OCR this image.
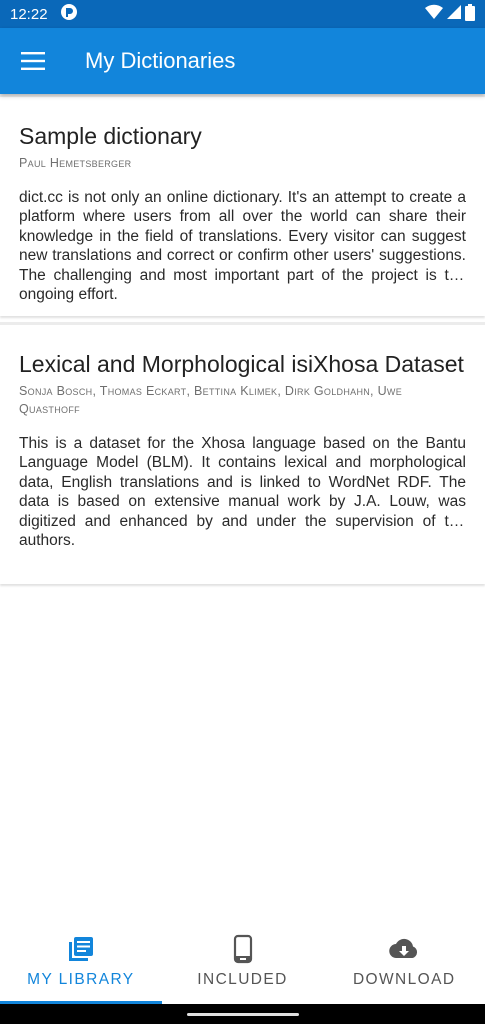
12:22
My Dictionaries
Sample dictionary
Paul Hemetsberger
dict.cc is not only an online dictionary. It's an attempt to create a platform where users from all over the world can share their knowledge in the field of translations. Every visitor can suggest new translations and correct or confirm other users' suggestions. The challenging and most important part of the project is the ongoing effort.
Lexical and Morphological isiXhosa Dataset
Sonja Bosch, Thomas Eckart, Bettina Klimek, Dirk Goldhahn, Uwe Quasthoff
This is a dataset for the Xhosa language based on the Bantu Language Model (BLM). It contains lexical and morphological data, English translations and is linked to WordNet RDF. The data is based on extensive manual work by J.A. Louw, was digitized and enhanced by and under the supervision of the authors.
MY LIBRARY	INCLUDED	DOWNLOAD
